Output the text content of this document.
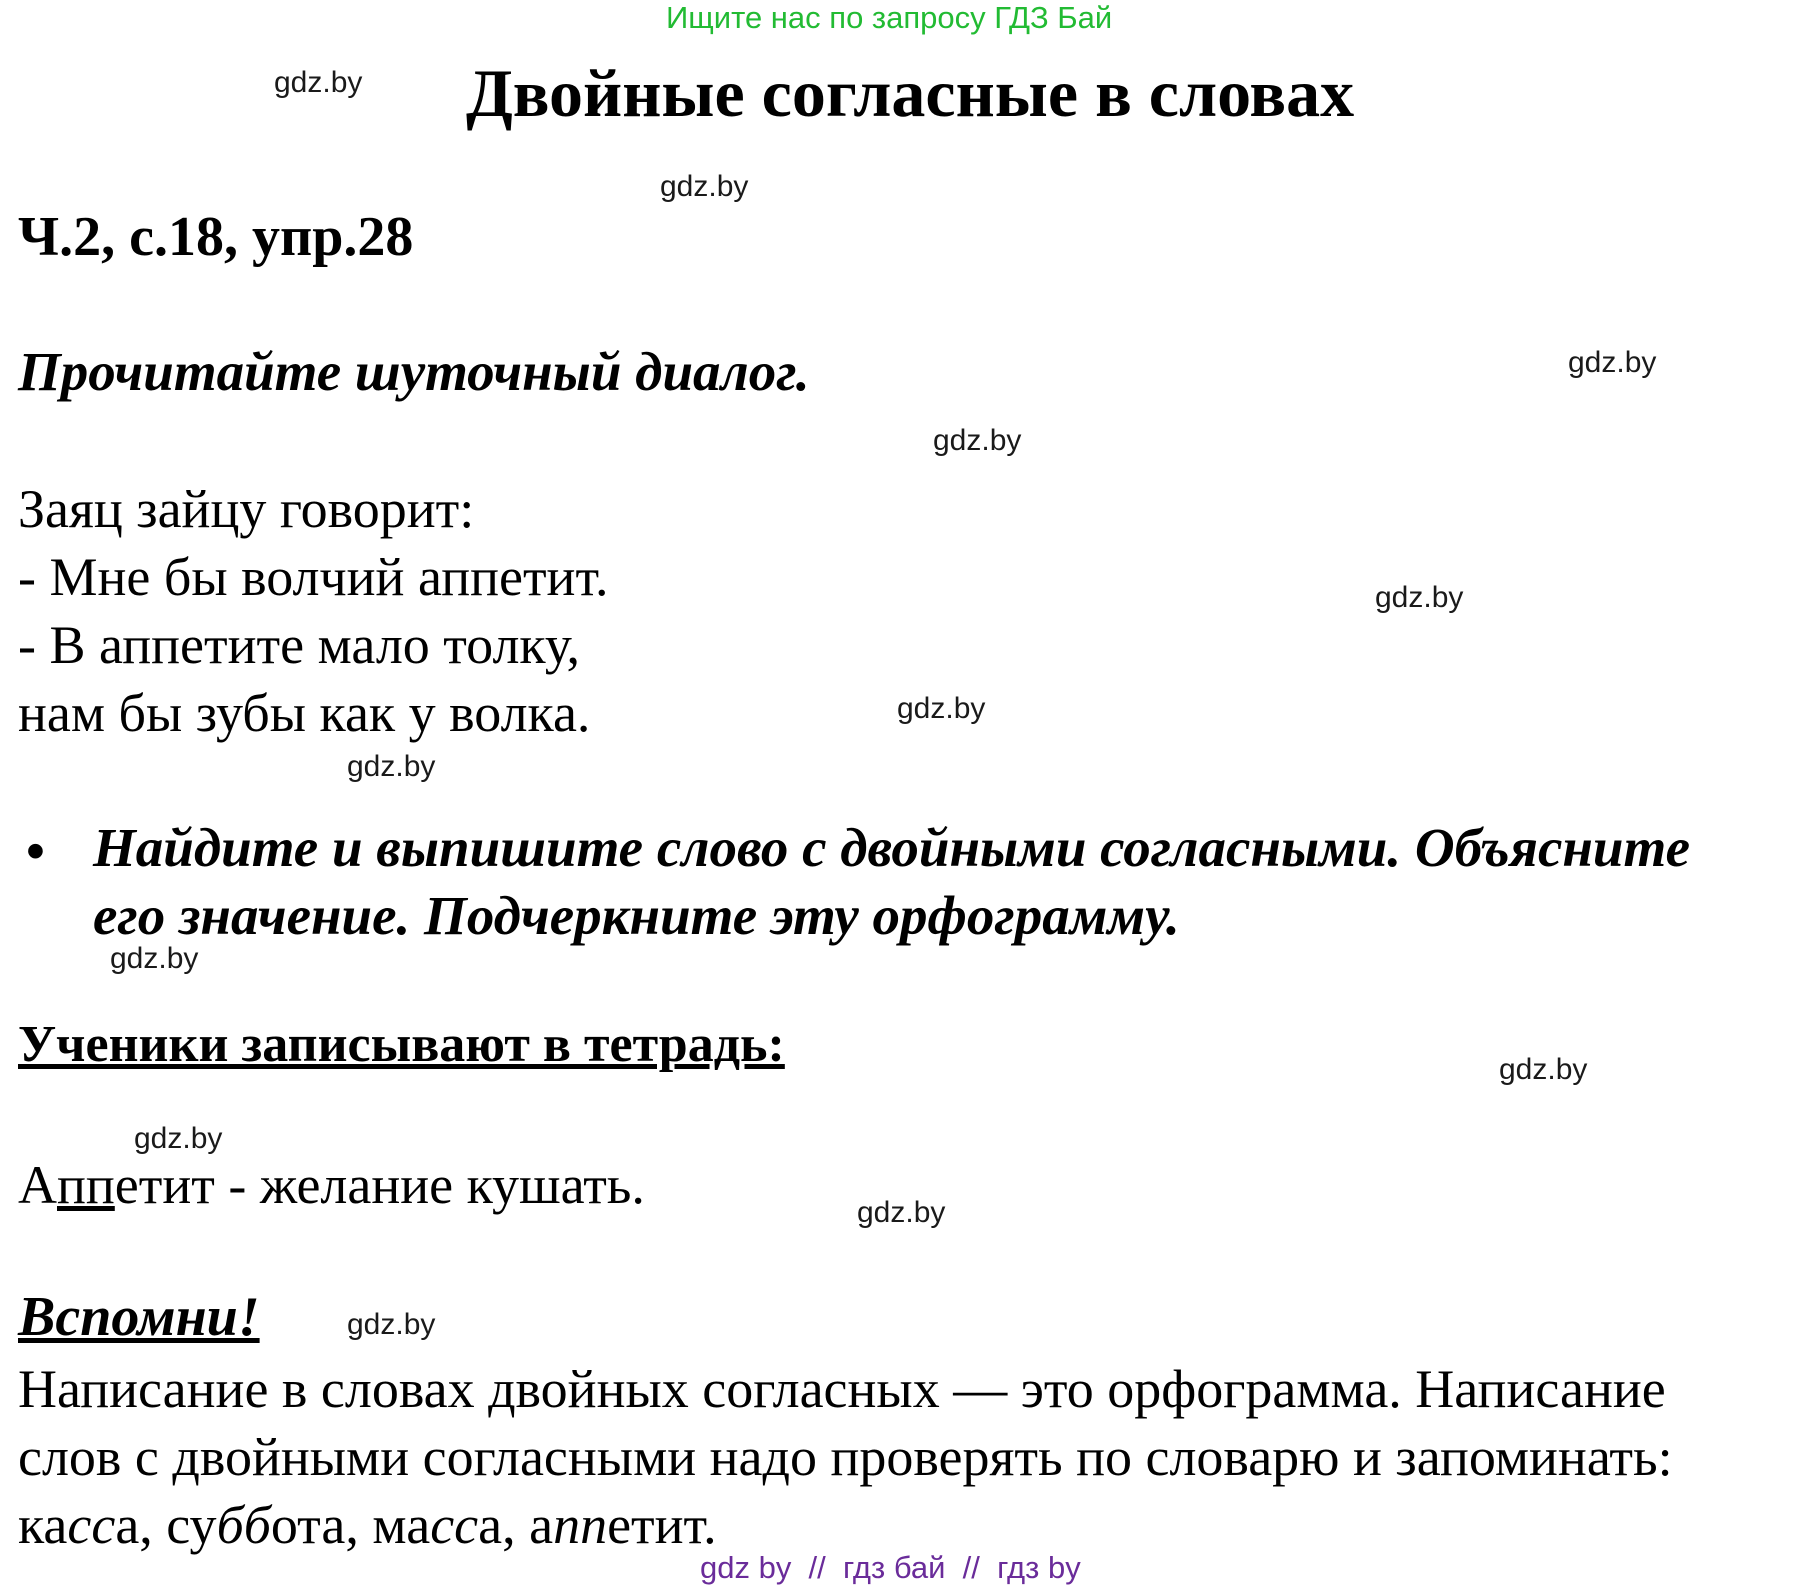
Ищите нас по запросу ГДЗ Бай
Двойные согласные в словах
Ч.2, с.18, упр.28
Прочитайте шуточный диалог.
Заяц зайцу говорит:
- Мне бы волчий аппетит.
- В аппетите мало толку,
нам бы зубы как у волка.
• Найдите и выпишите слово с двойными согласными. Объясните
его значение. Подчеркните эту орфограмму.
Ученики записывают в тетрадь:
Аппетит - желание кушать.
Вспомни!
Написание в словах двойных согласных — это орфограмма. Написание
слов с двойными согласными надо проверять по словарю и запоминать:
касса, суббота, масса, аппетит.
gdz by  //  гдз бай  //  гдз by
gdz.by
gdz.by
gdz.by
gdz.by
gdz.by
gdz.by
gdz.by
gdz.by
gdz.by
gdz.by
gdz.by
gdz.by
